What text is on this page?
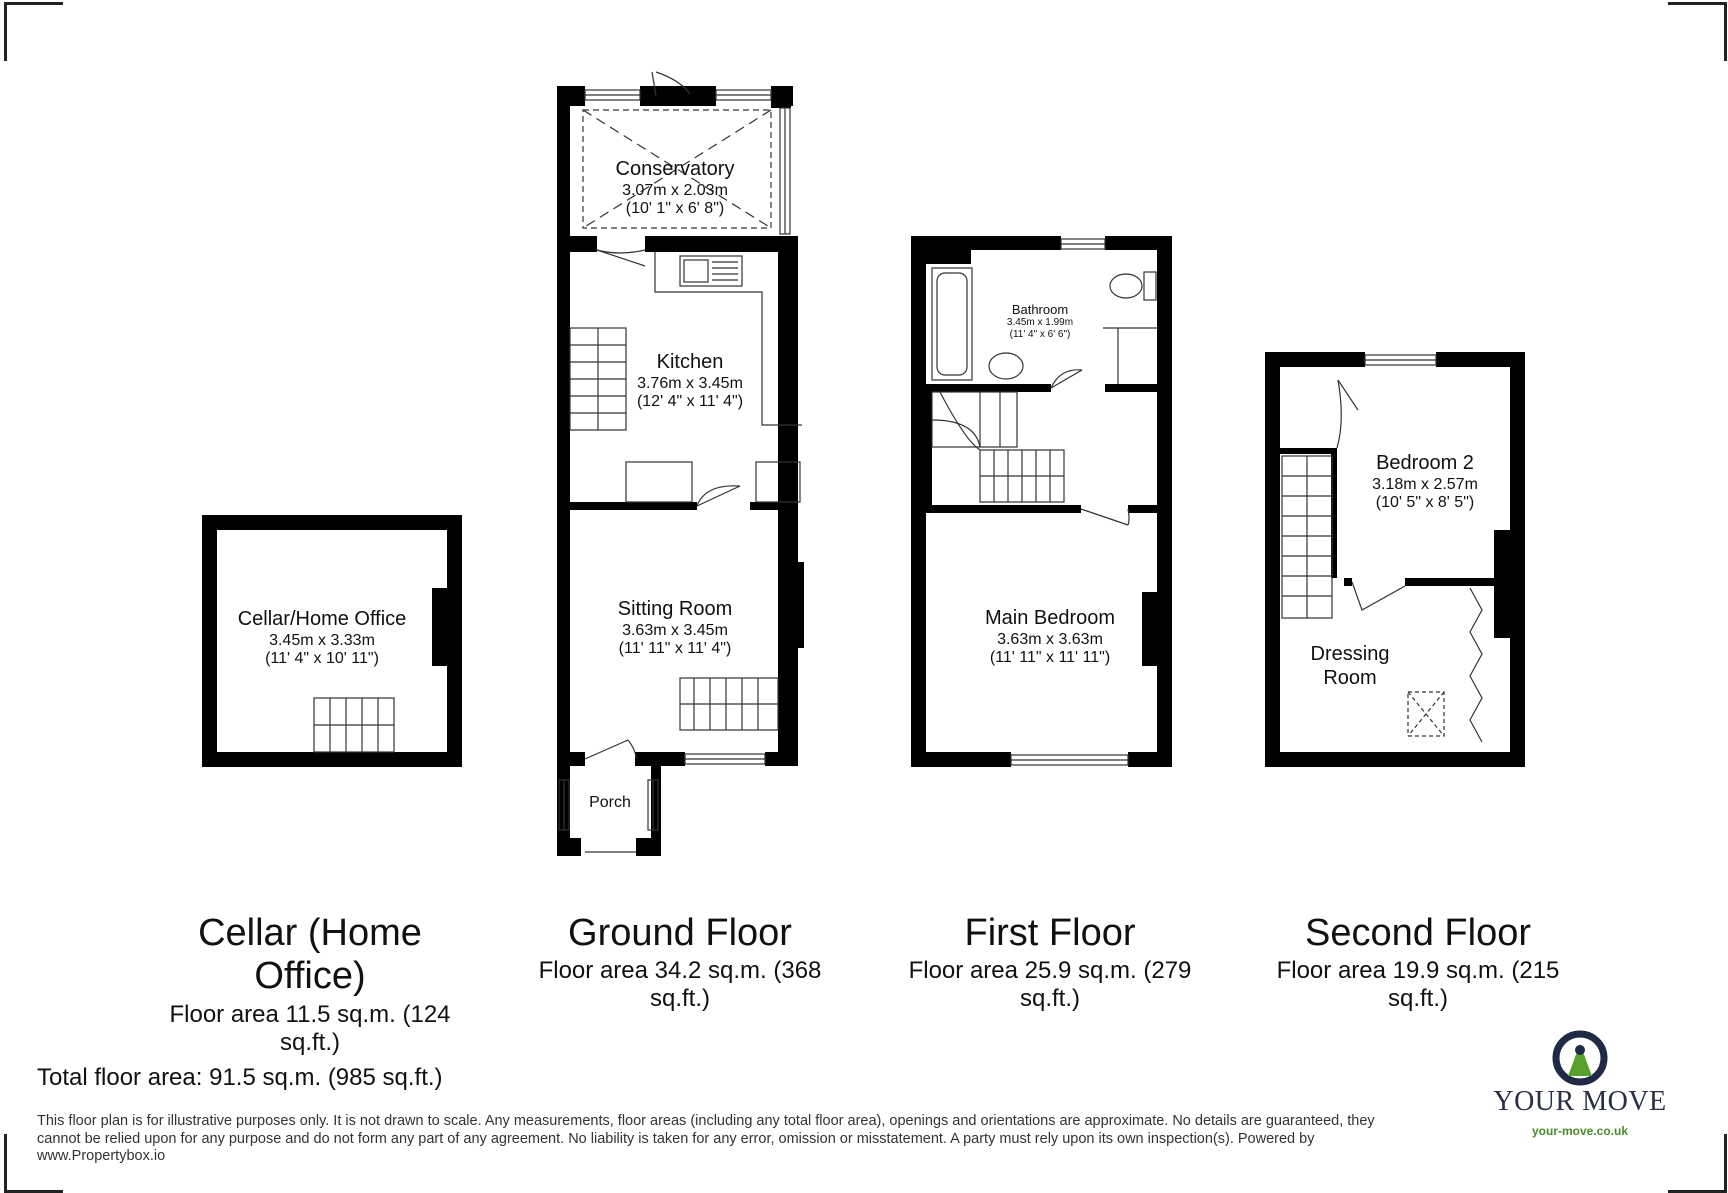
Cellar/Home Office
3.45m x 3.33m
(11' 4" x 10' 11")
Conservatory
3.07m x 2.03m
(10' 1" x 6' 8")
Kitchen
3.76m x 3.45m
(12' 4" x 11' 4")
Sitting Room
3.63m x 3.45m
(11' 11" x 11' 4")
Porch
Bathroom
3.45m x 1.99m
(11' 4" x 6' 6")
Main Bedroom
3.63m x 3.63m
(11' 11" x 11' 11")
Bedroom 2
3.18m x 2.57m
(10' 5" x 8' 5")
Dressing Room
Cellar (Home Office)
Floor area 11.5 sq.m. (124 sq.ft.)
Ground Floor
Floor area 34.2 sq.m. (368 sq.ft.)
First Floor
Floor area 25.9 sq.m. (279 sq.ft.)
Second Floor
Floor area 19.9 sq.m. (215 sq.ft.)
Total floor area: 91.5 sq.m. (985 sq.ft.)
This floor plan is for illustrative purposes only. It is not drawn to scale. Any measurements, floor areas (including any total floor area), openings and orientations are approximate. No details are guaranteed, they cannot be relied upon for any purpose and do not form any part of any agreement. No liability is taken for any error, omission or misstatement. A party must rely upon its own inspection(s). Powered by www.Propertybox.io
YOUR MOVE
your-move.co.uk
